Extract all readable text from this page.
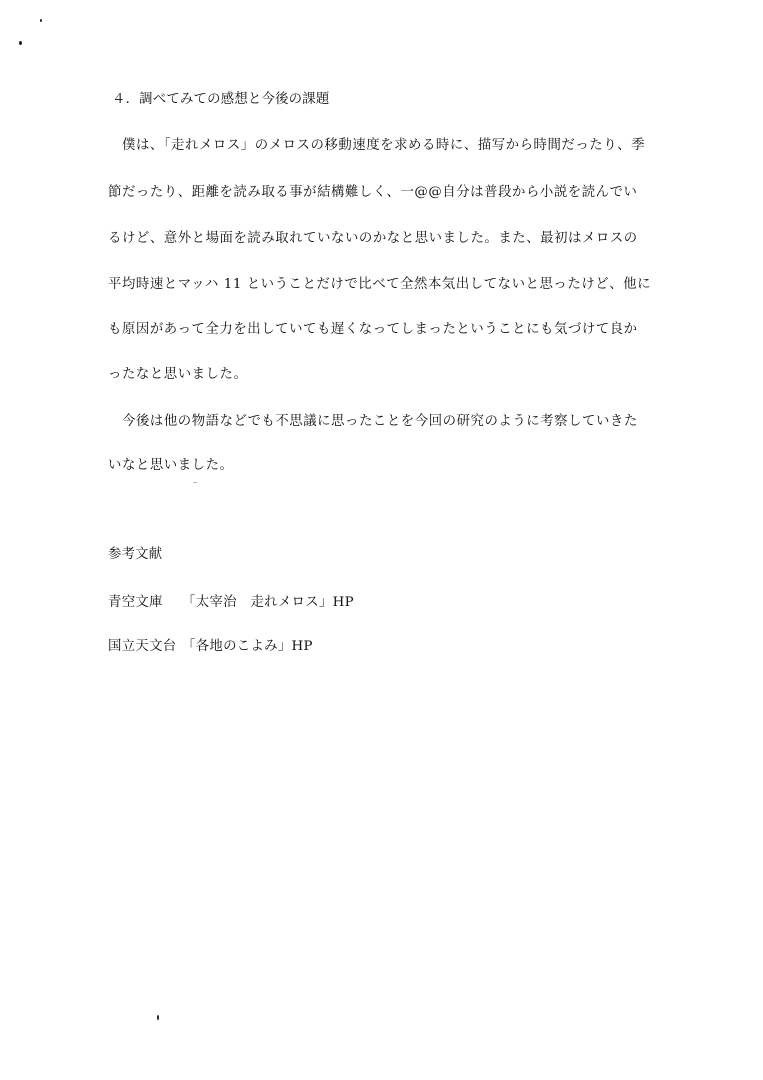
４．調べてみての感想と今後の課題
僕は、「走れメロス」のメロスの移動速度を求める時に、描写から時間だったり、季
節だったり、距離を読み取る事が結構難しく、一@@自分は普段から小説を読んでい
るけど、意外と場面を読み取れていないのかなと思いました。また、最初はメロスの
平均時速とマッハ 11 ということだけで比べて全然本気出してないと思ったけど、他に
も原因があって全力を出していても遅くなってしまったということにも気づけて良か
ったなと思いました。
今後は他の物語などでも不思議に思ったことを今回の研究のように考察していきた
いなと思いました。
参考文献
青空文庫 「太宰治　走れメロス」HP
国立天文台 「各地のこよみ」HP
